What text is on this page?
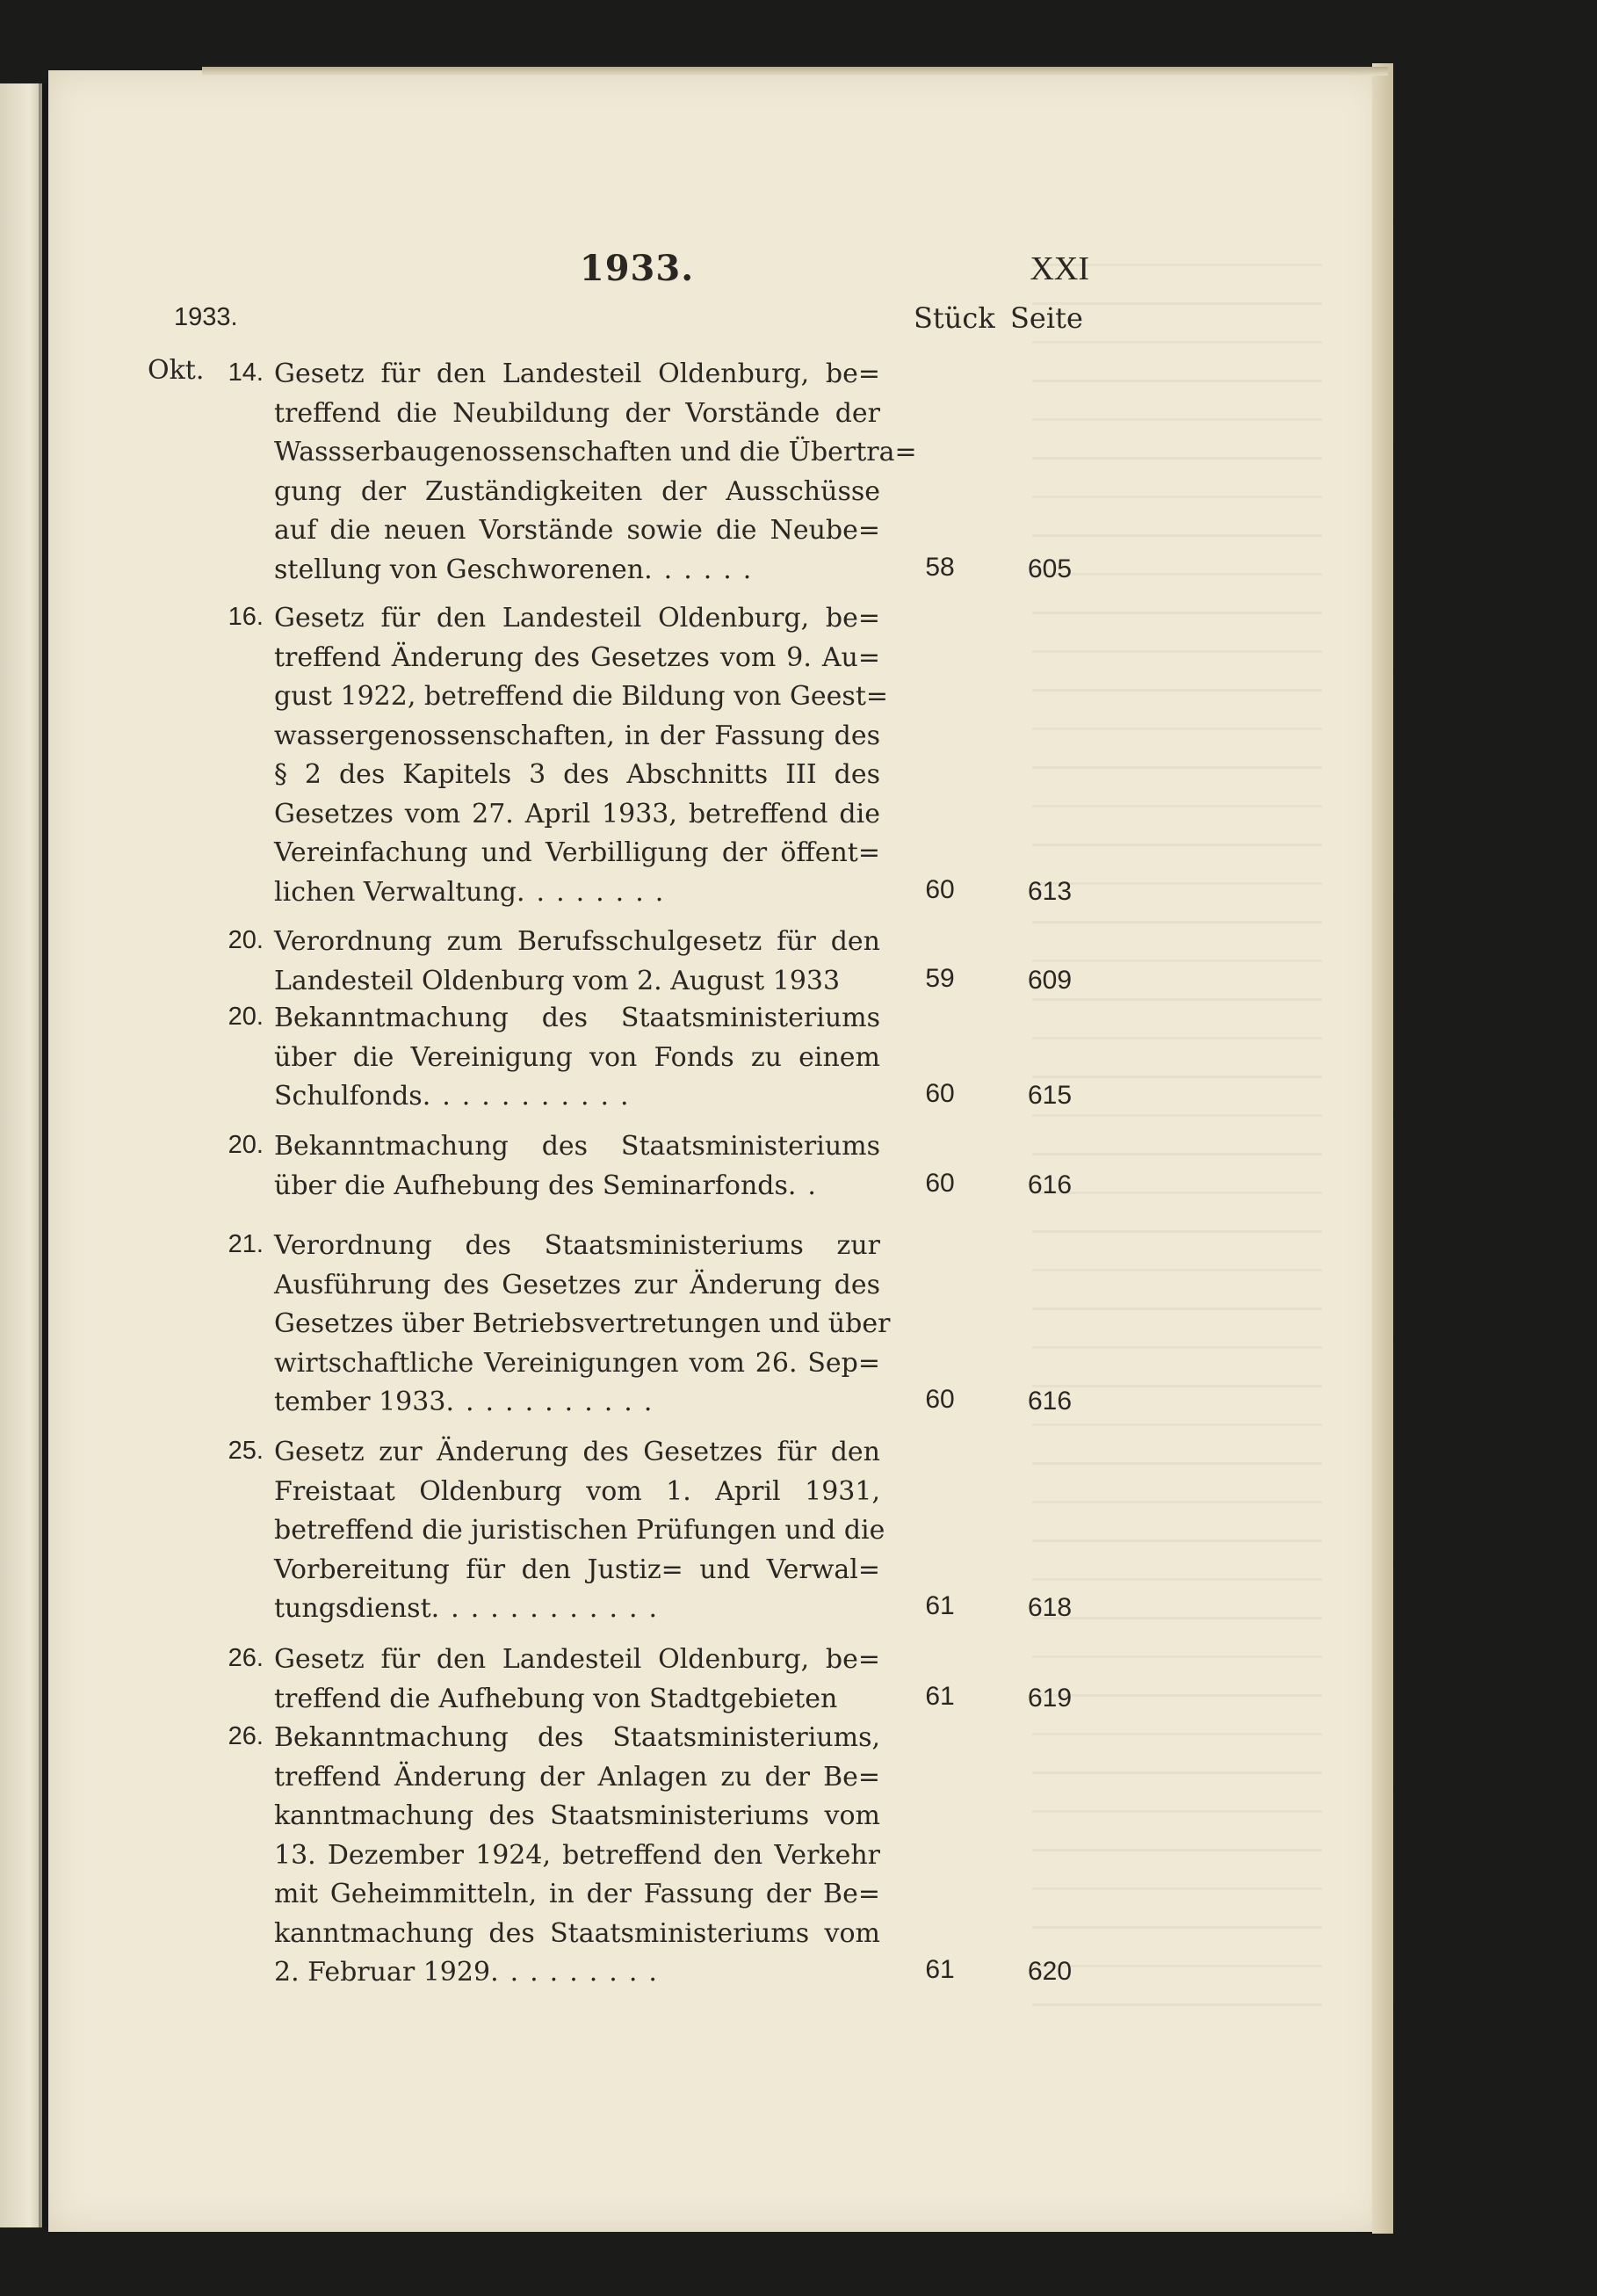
1933.	XXI
1933.	Stück Seite
Okt. 14. Gesetz für den Landesteil Oldenburg, be=
treffend die Neubildung der Vorstände der
Wassserbaugenossenschaften und die Übertra=
gung der Zuständigkeiten der Ausschüsse
auf die neuen Vorstände sowie die Neube=
stellung von Geschworenen......	58	605
16. Gesetz für den Landesteil Oldenburg, be=
treffend Änderung des Gesetzes vom 9. Au=
gust 1922, betreffend die Bildung von Geest=
wassergenossenschaften, in der Fassung des
§ 2 des Kapitels 3 des Abschnitts III des
Gesetzes vom 27. April 1933, betreffend die
Vereinfachung und Verbilligung der öffent=
lichen Verwaltung........	60	613
20. Verordnung zum Berufsschulgesetz für den
Landesteil Oldenburg vom 2. August 1933	59	609
20. Bekanntmachung des Staatsministeriums
über die Vereinigung von Fonds zu einem
Schulfonds...........	60	615
20. Bekanntmachung des Staatsministeriums
über die Aufhebung des Seminarfonds..	60	616
21. Verordnung des Staatsministeriums zur
Ausführung des Gesetzes zur Änderung des
Gesetzes über Betriebsvertretungen und über
wirtschaftliche Vereinigungen vom 26. Sep=
tember 1933...........	60	616
25. Gesetz zur Änderung des Gesetzes für den
Freistaat Oldenburg vom 1. April 1931,
betreffend die juristischen Prüfungen und die
Vorbereitung für den Justiz= und Verwal=
tungsdienst............	61	618
26. Gesetz für den Landesteil Oldenburg, be=
treffend die Aufhebung von Stadtgebieten	61	619
26. Bekanntmachung des Staatsministeriums,
treffend Änderung der Anlagen zu der Be=
kanntmachung des Staatsministeriums vom
13. Dezember 1924, betreffend den Verkehr
mit Geheimmitteln, in der Fassung der Be=
kanntmachung des Staatsministeriums vom
2. Februar 1929.........	61	620
